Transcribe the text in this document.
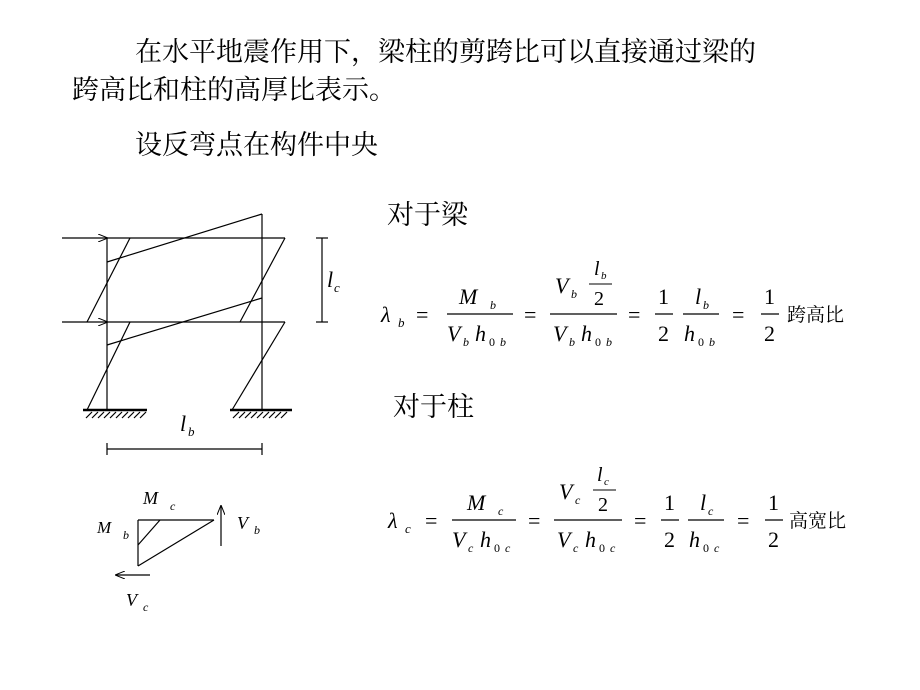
在水平地震作用下，梁柱的剪跨比可以直接通过梁的
跨高比和柱的高厚比表示。
设反弯点在构件中央
对于梁
对于柱
l c
l b
M c
M b
V b
V c
λ b =
M b
V b h 0 b
=
V b
l b
2
V b h 0 b
=
1
2
l b
h 0 b
=
1
2
跨高比
λ c =
M c
V c h 0 c
=
V c
l c
2
V c h 0 c
=
1
2
l c
h 0 c
=
1
2
高宽比
